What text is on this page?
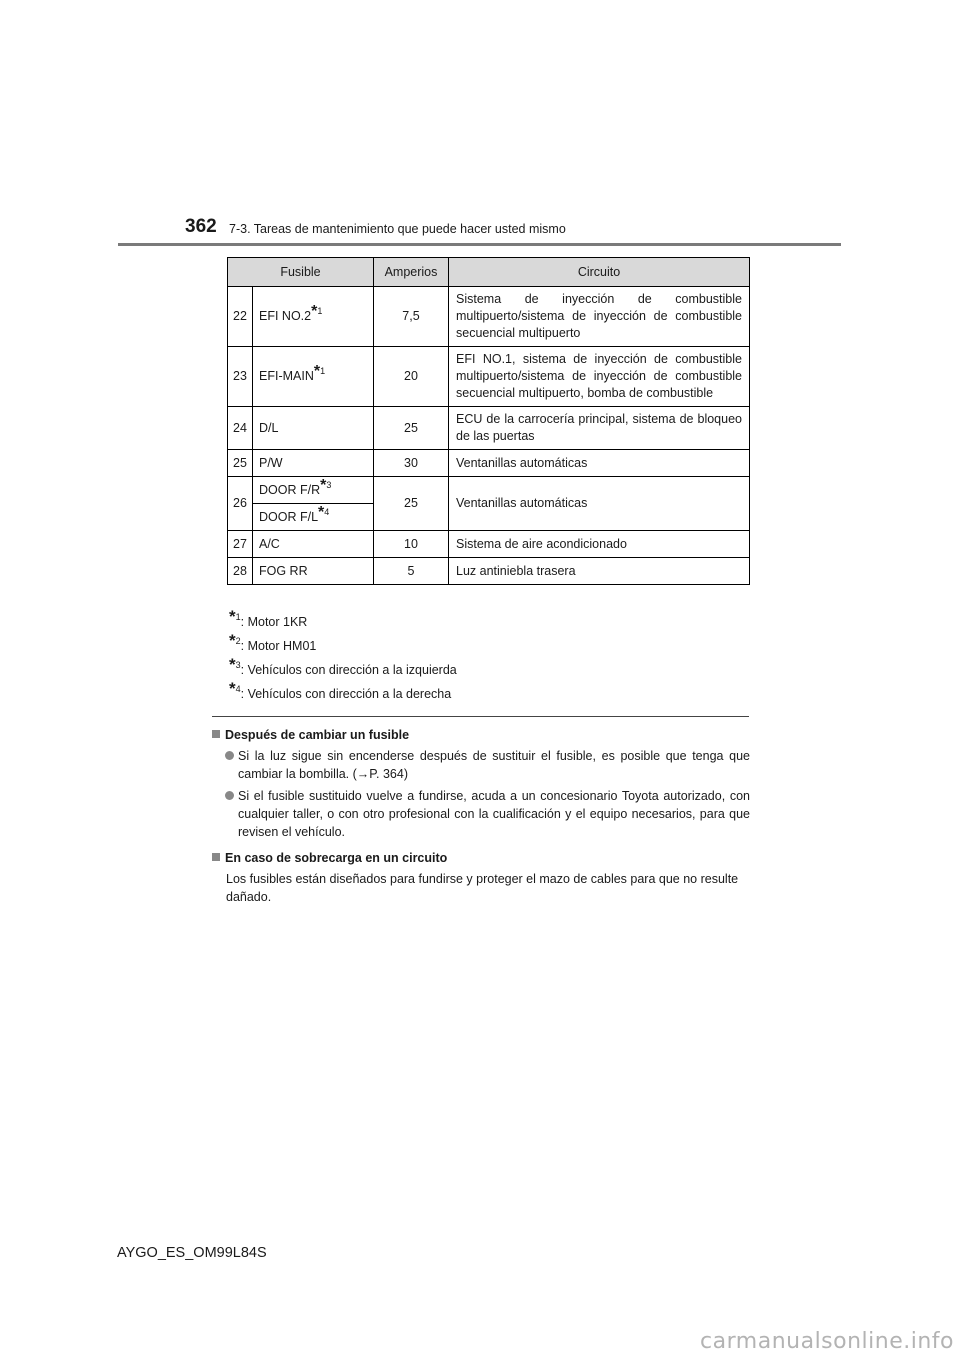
362 7-3. Tareas de mantenimiento que puede hacer usted mismo
Fusible		Amperios	Circuito
22	EFI NO.2*$^1$	7,5	Sistema de inyección de combustible multipuerto/sistema de inyección de combustible secuencial multipuerto
23	EFI-MAIN*$^1$	20	EFI NO.1, sistema de inyección de combustible multipuerto/sistema de inyección de combustible secuencial multipuerto, bomba de combustible
24	D/L	25	ECU de la carrocería principal, sistema de bloqueo de las puertas
25	P/W	30	Ventanillas automáticas
26	DOOR F/R*$^3$	25	Ventanillas automáticas
	DOOR F/L*$^4$
27	A/C	10	Sistema de aire acondicionado
28	FOG RR	5	Luz antiniebla trasera
*$^1$: Motor 1KR
*$^2$: Motor HM01
*$^3$: Vehículos con dirección a la izquierda
*$^4$: Vehículos con dirección a la derecha
Después de cambiar un fusible
Si la luz sigue sin encenderse después de sustituir el fusible, es posible que tenga que cambiar la bombilla. (→P. 364)
Si el fusible sustituido vuelve a fundirse, acuda a un concesionario Toyota autorizado, con cualquier taller, o con otro profesional con la cualificación y el equipo necesarios, para que revisen el vehículo.
En caso de sobrecarga en un circuito
Los fusibles están diseñados para fundirse y proteger el mazo de cables para que no resulte dañado.
AYGO_ES_OM99L84S
carmanualsonline.info
